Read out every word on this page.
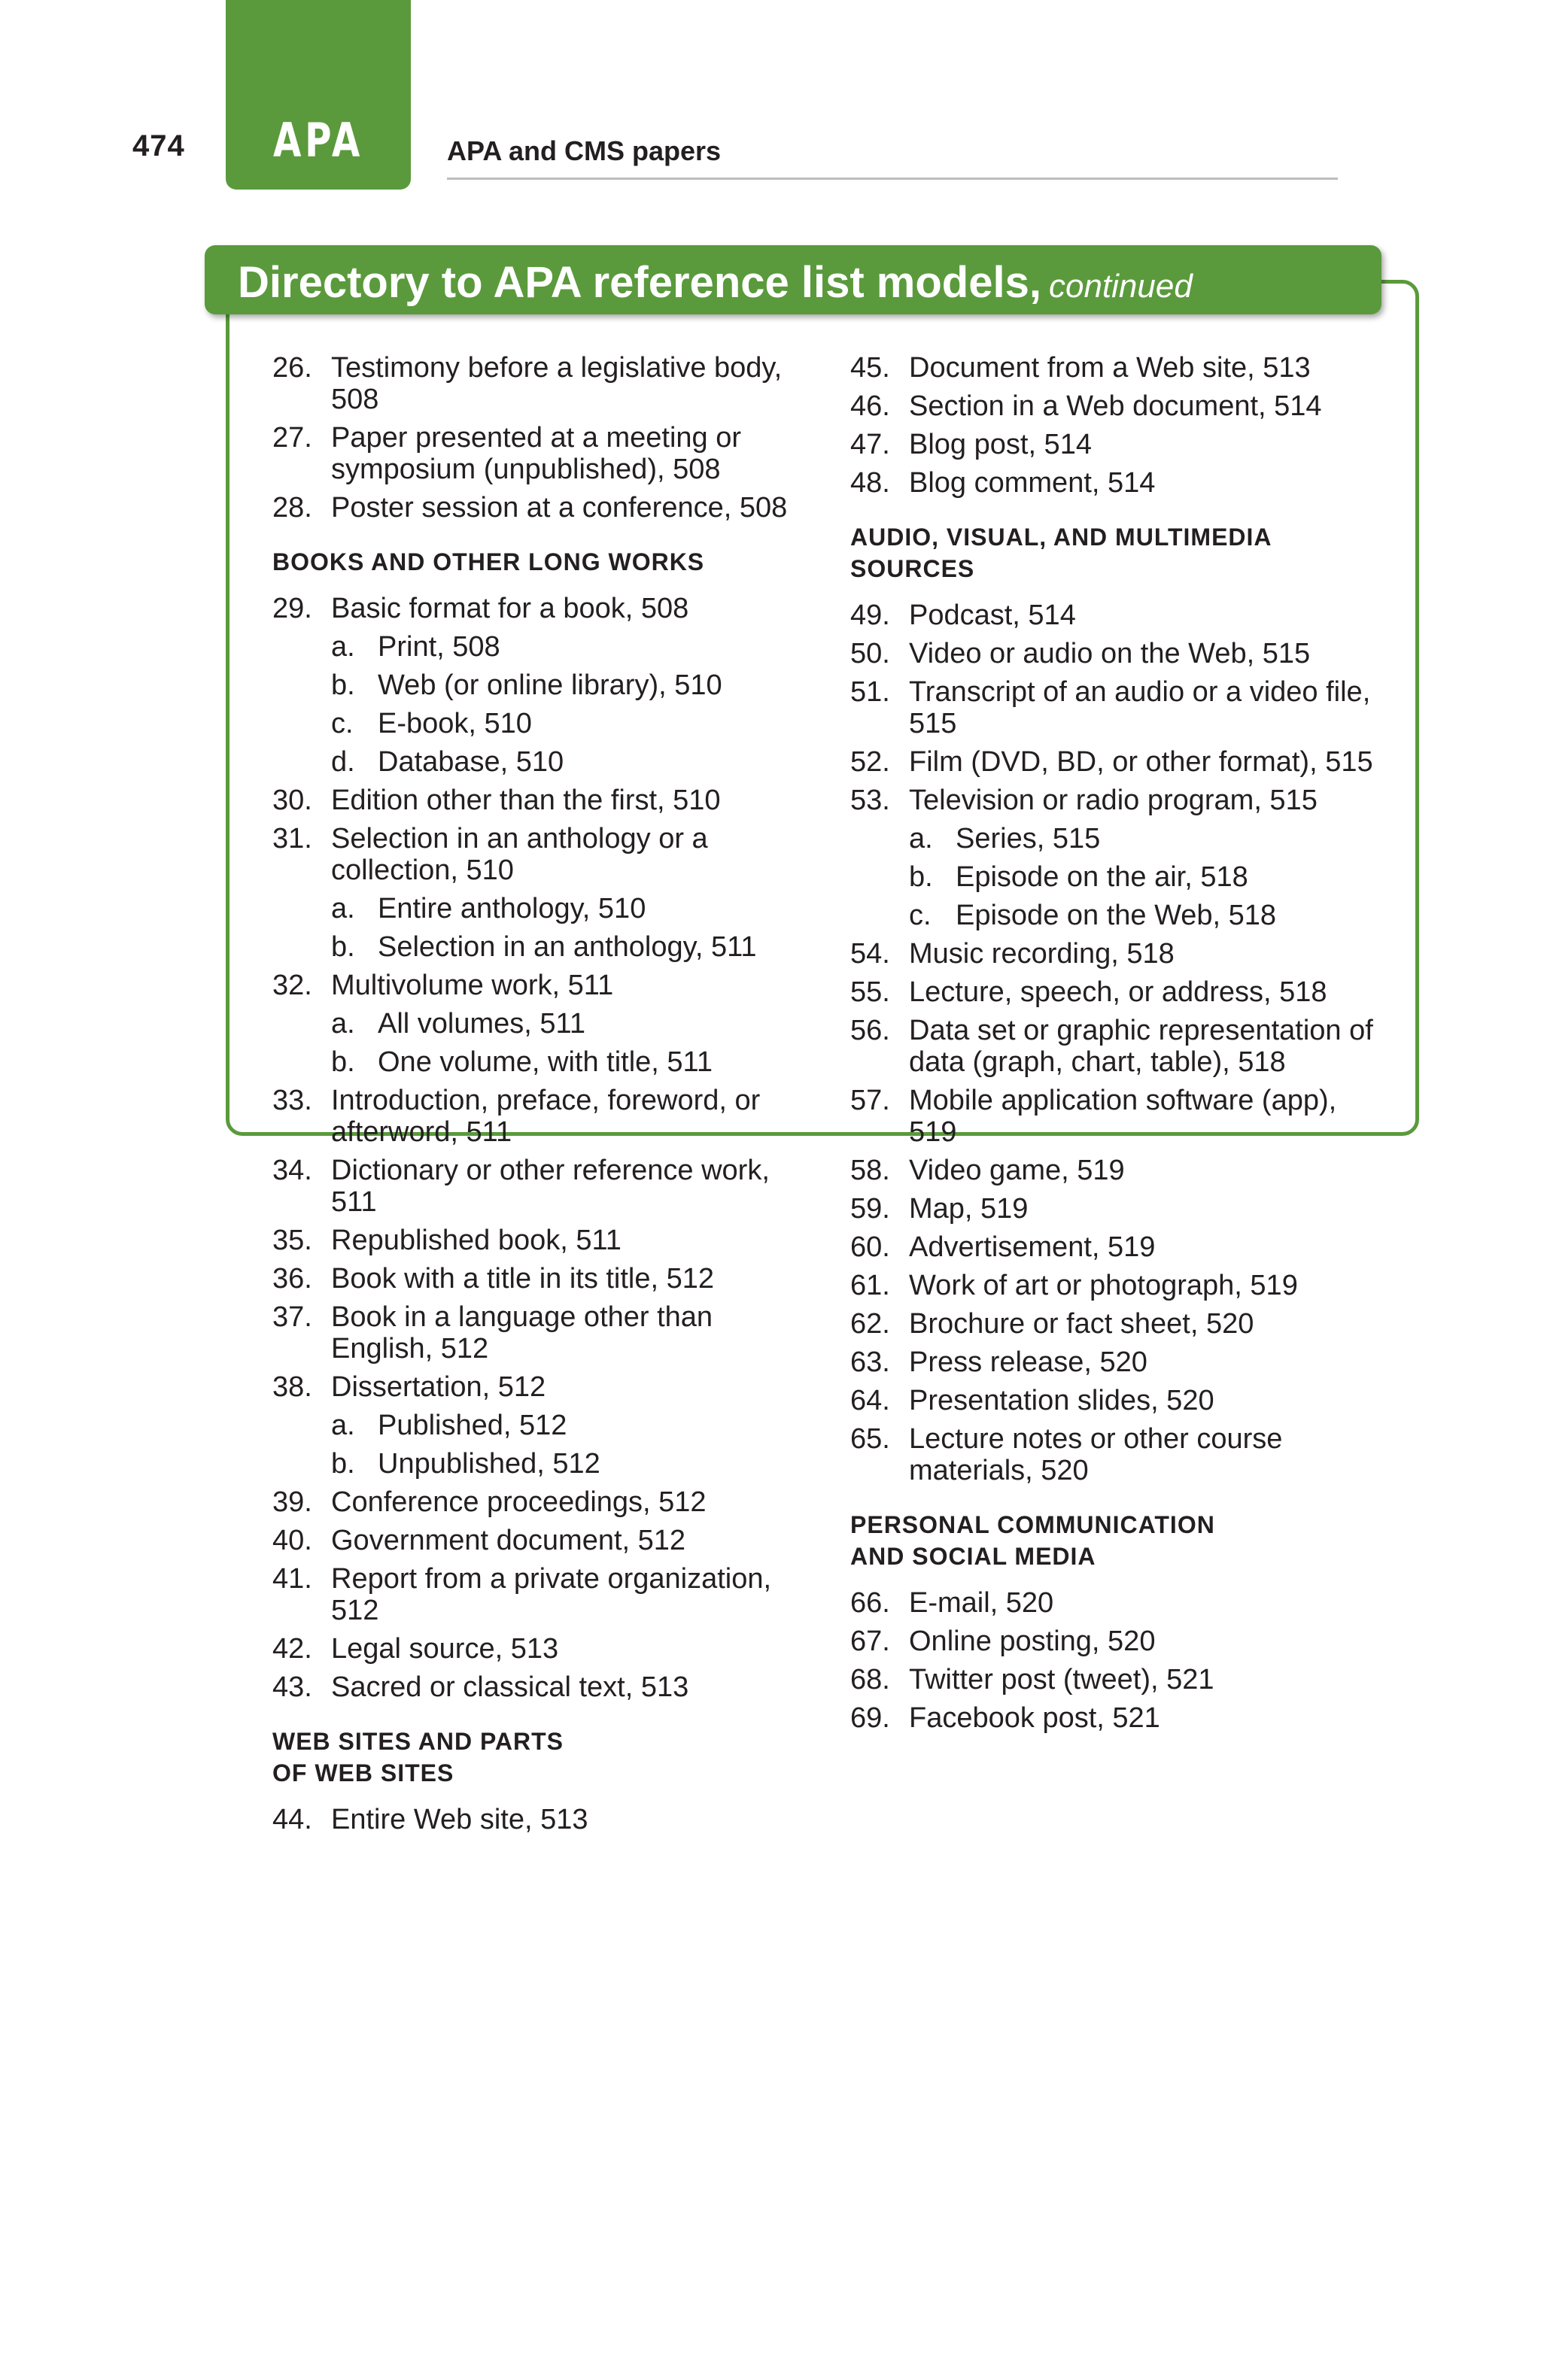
474	APA	APA and CMS papers
Directory to APA reference list models, continued
26. Testimony before a legislative body, 508
27. Paper presented at a meeting or symposium (unpublished), 508
28. Poster session at a conference, 508
BOOKS AND OTHER LONG WORKS
29. Basic format for a book, 508
a. Print, 508
b. Web (or online library), 510
c. E-book, 510
d. Database, 510
30. Edition other than the first, 510
31. Selection in an anthology or a collection, 510
a. Entire anthology, 510
b. Selection in an anthology, 511
32. Multivolume work, 511
a. All volumes, 511
b. One volume, with title, 511
33. Introduction, preface, foreword, or afterword, 511
34. Dictionary or other reference work, 511
35. Republished book, 511
36. Book with a title in its title, 512
37. Book in a language other than English, 512
38. Dissertation, 512
a. Published, 512
b. Unpublished, 512
39. Conference proceedings, 512
40. Government document, 512
41. Report from a private organization, 512
42. Legal source, 513
43. Sacred or classical text, 513
WEB SITES AND PARTS
OF WEB SITES
44. Entire Web site, 513
45. Document from a Web site, 513
46. Section in a Web document, 514
47. Blog post, 514
48. Blog comment, 514
AUDIO, VISUAL, AND MULTIMEDIA
SOURCES
49. Podcast, 514
50. Video or audio on the Web, 515
51. Transcript of an audio or a video file, 515
52. Film (DVD, BD, or other format), 515
53. Television or radio program, 515
a. Series, 515
b. Episode on the air, 518
c. Episode on the Web, 518
54. Music recording, 518
55. Lecture, speech, or address, 518
56. Data set or graphic representation of data (graph, chart, table), 518
57. Mobile application software (app), 519
58. Video game, 519
59. Map, 519
60. Advertisement, 519
61. Work of art or photograph, 519
62. Brochure or fact sheet, 520
63. Press release, 520
64. Presentation slides, 520
65. Lecture notes or other course materials, 520
PERSONAL COMMUNICATION
AND SOCIAL MEDIA
66. E-mail, 520
67. Online posting, 520
68. Twitter post (tweet), 521
69. Facebook post, 521
